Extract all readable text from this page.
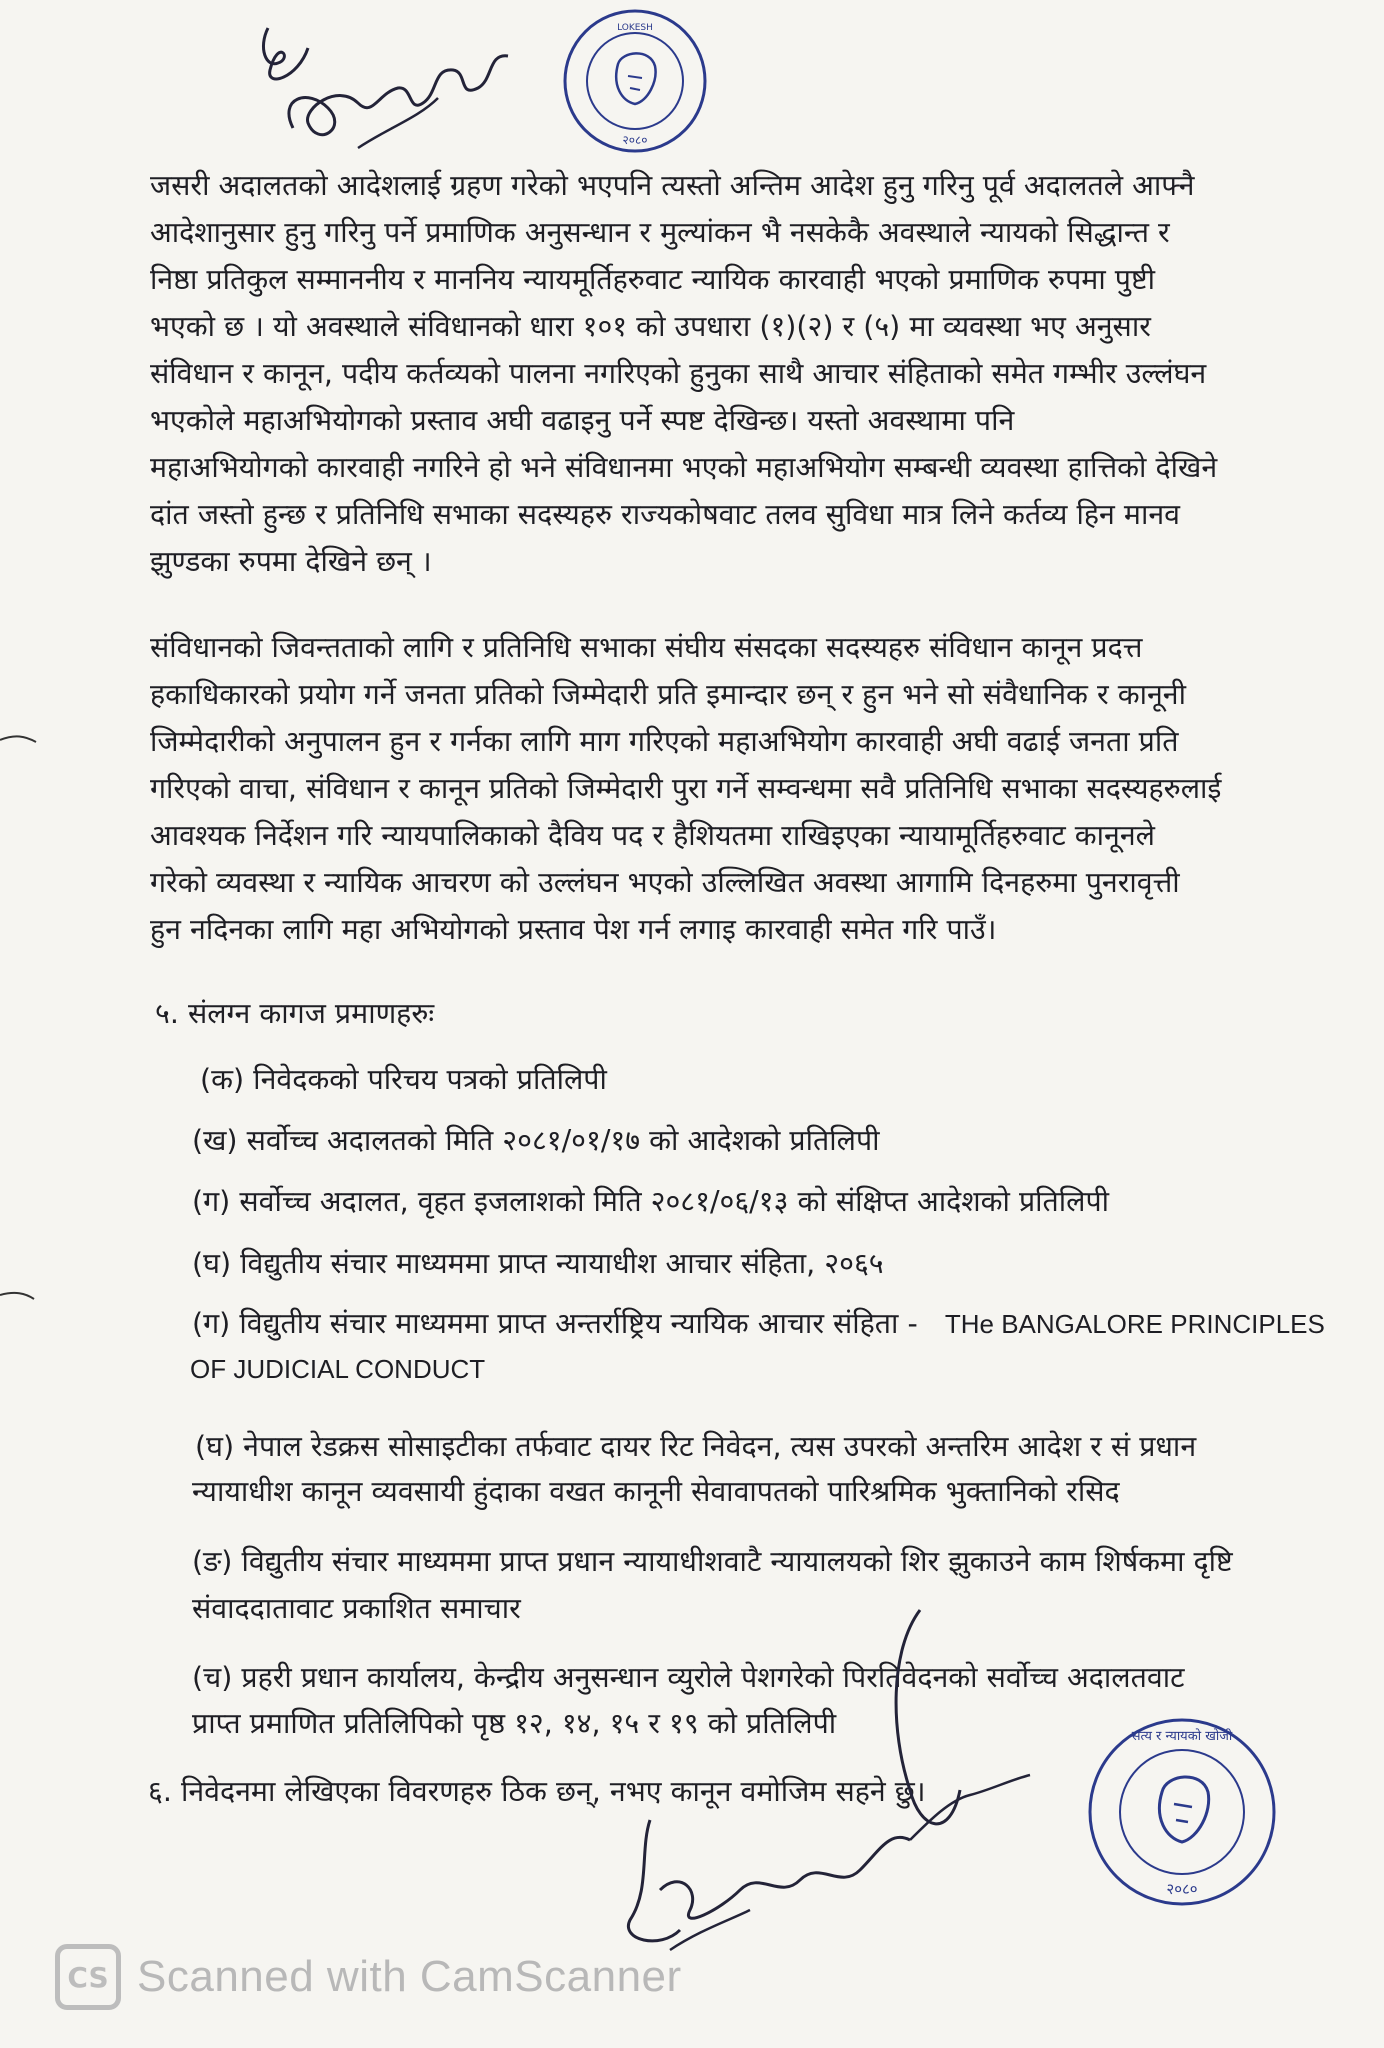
LOKESH
२०८०
जसरी अदालतको आदेशलाई ग्रहण गरेको भएपनि त्यस्तो अन्तिम आदेश हुनु गरिनु पूर्व अदालतले आफ्नै
आदेशानुसार हुनु गरिनु पर्ने प्रमाणिक अनुसन्धान र मुल्यांकन भै नसकेकै अवस्थाले न्यायको सिद्धान्त र
निष्ठा प्रतिकुल सम्माननीय र माननिय न्यायमूर्तिहरुवाट न्यायिक कारवाही भएको प्रमाणिक रुपमा पुष्टी
भएको छ । यो अवस्थाले संविधानको धारा १०१ को उपधारा (१)(२) र (५) मा व्यवस्था भए अनुसार
संविधान र कानून, पदीय कर्तव्यको पालना नगरिएको हुनुका साथै आचार संहिताको समेत गम्भीर उल्लंघन
भएकोले महाअभियोगको प्रस्ताव अघी वढाइनु पर्ने स्पष्ट देखिन्छ। यस्तो अवस्थामा पनि
महाअभियोगको कारवाही नगरिने हो भने संविधानमा भएको महाअभियोग सम्बन्धी व्यवस्था हात्तिको देखिने
दांत जस्तो हुन्छ र प्रतिनिधि सभाका सदस्यहरु राज्यकोषवाट तलव सुविधा मात्र लिने कर्तव्य हिन मानव
झुण्डका रुपमा देखिने छन् ।
संविधानको जिवन्तताको लागि र प्रतिनिधि सभाका संघीय संसदका सदस्यहरु संविधान कानून प्रदत्त
हकाधिकारको प्रयोग गर्ने जनता प्रतिको जिम्मेदारी प्रति इमान्दार छन् र हुन भने सो संवैधानिक र कानूनी
जिम्मेदारीको अनुपालन हुन र गर्नका लागि माग गरिएको महाअभियोग कारवाही अघी वढाई जनता प्रति
गरिएको वाचा, संविधान र कानून प्रतिको जिम्मेदारी पुरा गर्ने सम्वन्धमा सवै प्रतिनिधि सभाका सदस्यहरुलाई
आवश्यक निर्देशन गरि न्यायपालिकाको दैविय पद र हैशियतमा राखिइएका न्यायामूर्तिहरुवाट कानूनले
गरेको व्यवस्था र न्यायिक आचरण को उल्लंघन भएको उल्लिखित अवस्था आगामि दिनहरुमा पुनरावृत्ती
हुन नदिनका लागि महा अभियोगको प्रस्ताव पेश गर्न लगाइ कारवाही समेत गरि पाउँ।

५. संलग्न कागज प्रमाणहरुः

(क) निवेदकको परिचय पत्रको प्रतिलिपी

(ख) सर्वोच्च अदालतको मिति २०८१/०१/१७ को आदेशको प्रतिलिपी

(ग) सर्वोच्च अदालत, वृहत इजलाशको मिति २०८१/०६/१३ को संक्षिप्त आदेशको प्रतिलिपी

(घ) विद्युतीय संचार माध्यममा प्राप्त न्यायाधीश आचार संहिता, २०६५

(ग) विद्युतीय संचार माध्यममा प्राप्त अन्तर्राष्ट्रिय न्यायिक आचार संहिता - THe BANGALORE PRINCIPLES

OF JUDICIAL CONDUCT

(घ) नेपाल रेडक्रस सोसाइटीका तर्फवाट दायर रिट निवेदन, त्यस उपरको अन्तरिम आदेश र सं प्रधान

न्यायाधीश कानून व्यवसायी हुंदाका वखत कानूनी सेवावापतको पारिश्रमिक भुक्तानिको रसिद

(ङ) विद्युतीय संचार माध्यममा प्राप्त प्रधान न्यायाधीशवाटै न्यायालयको शिर झुकाउने काम शिर्षकमा दृष्टि

संवाददातावाट प्रकाशित समाचार

(च) प्रहरी प्रधान कार्यालय, केन्द्रीय अनुसन्धान व्युरोले पेशगरेको पिरतिवेदनको सर्वोच्च अदालतवाट

प्राप्त प्रमाणित प्रतिलिपिको पृष्ठ १२, १४, १५ र १९ को प्रतिलिपी

६. निवेदनमा लेखिएका विवरणहरु ठिक छन्, नभए कानून वमोजिम सहने छु।

सत्य र न्यायको खोजी
२०८०
CS Scanned with CamScanner
